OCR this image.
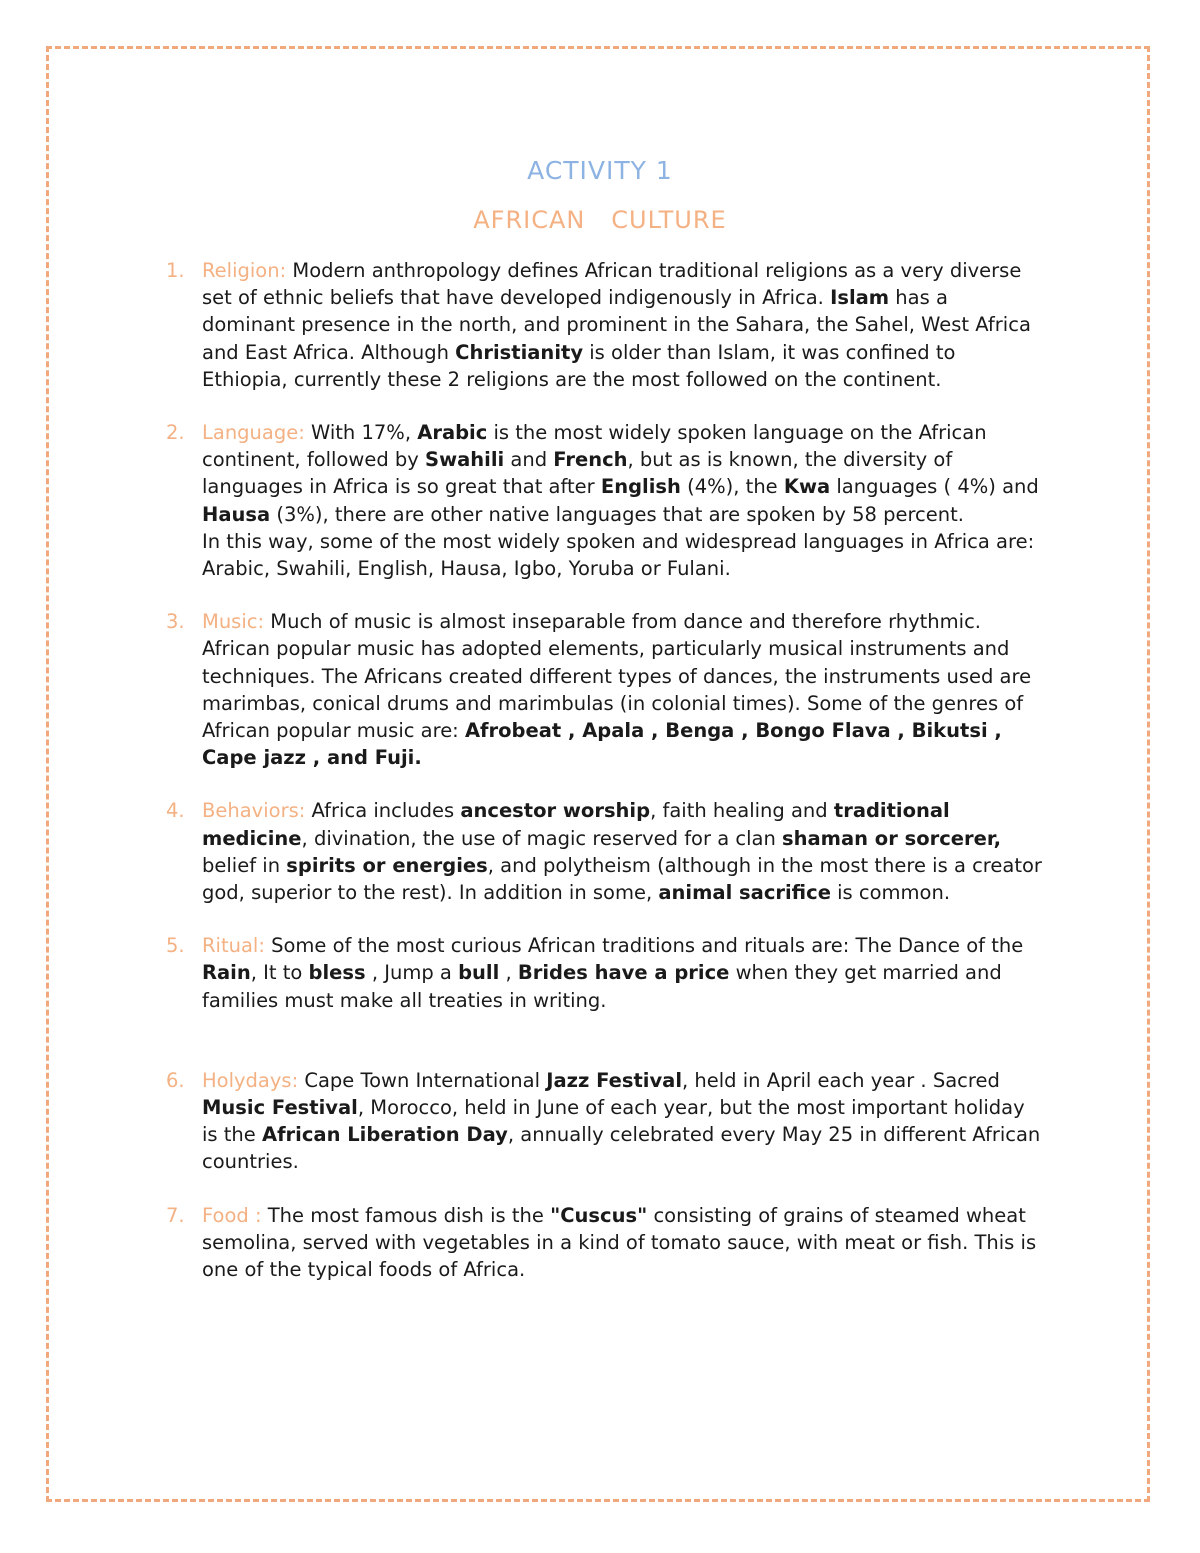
ACTIVITY 1
AFRICAN   CULTURE
1. Religion: Modern anthropology defines African traditional religions as a very diverse set of ethnic beliefs that have developed indigenously in Africa. Islam has a dominant presence in the north, and prominent in the Sahara, the Sahel, West Africa and East Africa. Although Christianity is older than Islam, it was confined to Ethiopia, currently these 2 religions are the most followed on the continent.
2. Language: With 17%, Arabic is the most widely spoken language on the African continent, followed by Swahili and French, but as is known, the diversity of languages in Africa is so great that after English (4%), the Kwa languages ( 4%) and Hausa (3%), there are other native languages that are spoken by 58 percent.
In this way, some of the most widely spoken and widespread languages in Africa are: Arabic, Swahili, English, Hausa, Igbo, Yoruba or Fulani.
3. Music: Much of music is almost inseparable from dance and therefore rhythmic. African popular music has adopted elements, particularly musical instruments and techniques. The Africans created different types of dances, the instruments used are marimbas, conical drums and marimbulas (in colonial times). Some of the genres of African popular music are: Afrobeat , Apala , Benga , Bongo Flava , Bikutsi , Cape jazz , and Fuji.
4. Behaviors: Africa includes ancestor worship, faith healing and traditional medicine, divination, the use of magic reserved for a clan shaman or sorcerer, belief in spirits or energies, and polytheism (although in the most there is a creator god, superior to the rest). In addition in some, animal sacrifice is common.
5. Ritual: Some of the most curious African traditions and rituals are: The Dance of the Rain, It to bless , Jump a bull , Brides have a price when they get married and families must make all treaties in writing.
6. Holydays: Cape Town International Jazz Festival, held in April each year . Sacred Music Festival, Morocco, held in June of each year, but the most important holiday is the African Liberation Day, annually celebrated every May 25 in different African countries.
7. Food : The most famous dish is the "Cuscus" consisting of grains of steamed wheat semolina, served with vegetables in a kind of tomato sauce, with meat or fish. This is one of the typical foods of Africa.
